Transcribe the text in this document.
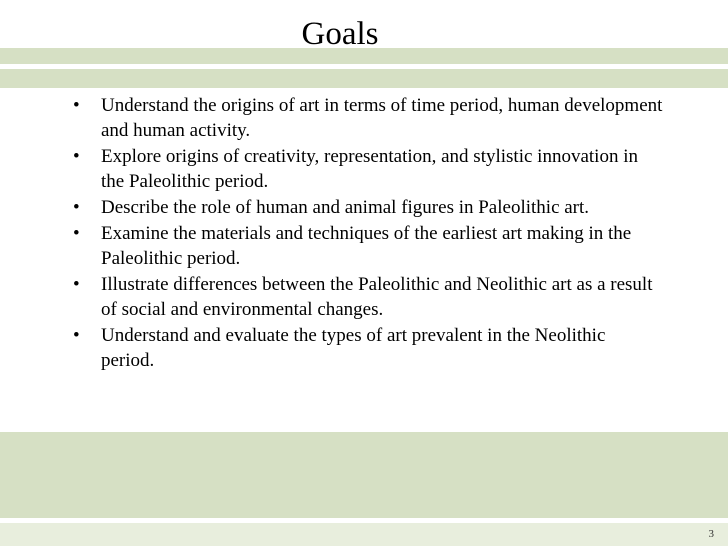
Goals
•	Understand the origins of art in terms of time period, human development and human activity.
•	Explore origins of creativity, representation, and stylistic innovation in the Paleolithic period.
•	Describe the role of human and animal figures in Paleolithic art.
•	Examine the materials and techniques of the earliest art making in the Paleolithic period.
•	Illustrate differences between the Paleolithic and Neolithic art as a result of social and environmental changes.
•	Understand and evaluate the types of art prevalent in the Neolithic period.
3
